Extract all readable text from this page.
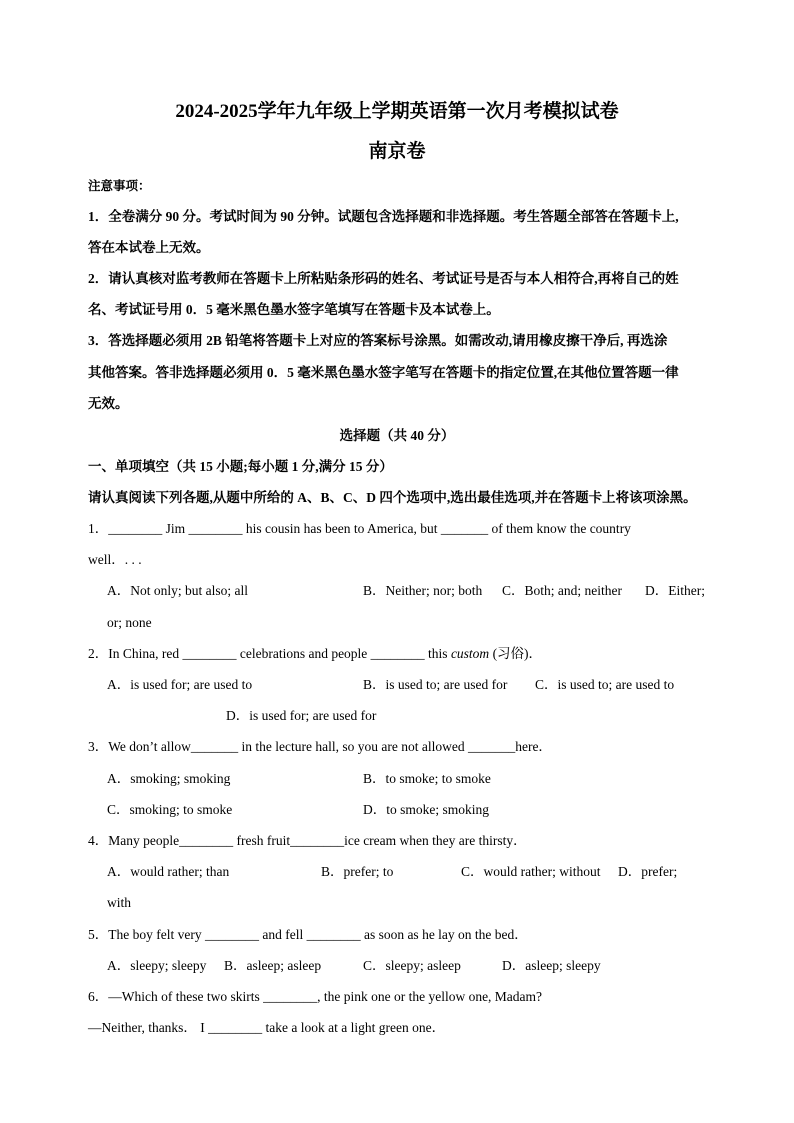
2024-2025学年九年级上学期英语第一次月考模拟试卷
南京卷
注意事项：
1．全卷满分 90 分。考试时间为 90 分钟。试题包含选择题和非选择题。考生答题全部答在答题卡上,
答在本试卷上无效。
2．请认真核对监考教师在答题卡上所粘贴条形码的姓名、考试证号是否与本人相符合,再将自己的姓
名、考试证号用 0．5 毫米黑色墨水签字笔填写在答题卡及本试卷上。
3．答选择题必须用 2B 铅笔将答题卡上对应的答案标号涂黑。如需改动,请用橡皮擦干净后, 再选涂
其他答案。答非选择题必须用 0．5 毫米黑色墨水签字笔写在答题卡的指定位置,在其他位置答题一律
无效。
选择题（共 40 分）
一、单项填空（共 15 小题;每小题 1 分,满分 15 分）
请认真阅读下列各题,从题中所给的 A、B、C、D 四个选项中,选出最佳选项,并在答题卡上将该项涂黑。
1．________ Jim ________ his cousin has been to America, but _______ of them know the country
well．. . .
A．Not only; but also; all	B．Neither; nor; both C．Both; and; neither D．Either;
or; none
2．In China, red ________ celebrations and people ________ this custom (习俗)．
A．is used for; are used to	B．is used to; are used for C．is used to; are used to
D．is used for; are used for
3．We don’t allow_______ in the lecture hall, so you are not allowed _______here．
A．smoking; smoking	B．to smoke; to smoke
C．smoking; to smoke	D．to smoke; smoking
4．Many people________ fresh fruit________ice cream when they are thirsty．
A．would rather; than	B．prefer; to	C．would rather; without D．prefer;
with
5．The boy felt very ________ and fell ________ as soon as he lay on the bed．
A．sleepy; sleepy B．asleep; asleep	C．sleepy; asleep	D．asleep; sleepy
6．—Which of these two skirts ________, the pink one or the yellow one, Madam?
—Neither, thanks． I ________ take a look at a light green one．
